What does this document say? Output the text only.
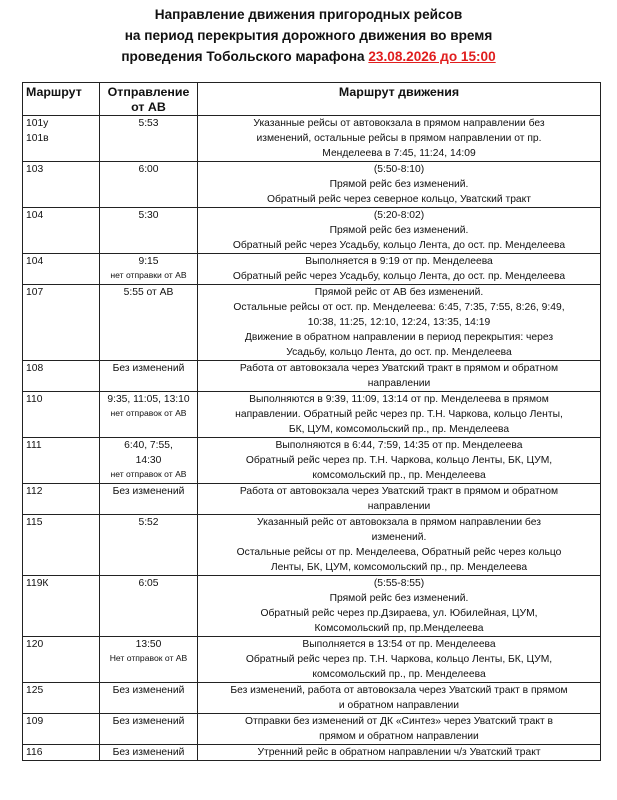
Направление движения пригородных рейсов
на период перекрытия дорожного движения во время
проведения Тобольского марафона 23.08.2026 до 15:00
Маршрут	Отправление от АВ	Маршрут движения

101у
101в	5:53	Указанные рейсы от автовокзала в прямом направлении без
изменений, остальные рейсы в прямом направлении от пр.
Менделеева в 7:45, 11:24, 14:09

103	6:00	(5:50-8:10)
Прямой рейс без изменений.
Обратный рейс через северное кольцо, Уватский тракт

104	5:30	(5:20-8:02)
Прямой рейс без изменений.
Обратный рейс через Усадьбу, кольцо Лента, до ост. пр. Менделеева

104	9:15
нет отправки от АВ	Выполняется в 9:19 от пр. Менделеева
Обратный рейс через Усадьбу, кольцо Лента, до ост. пр. Менделеева

107	5:55 от АВ	Прямой рейс от АВ без изменений.
Остальные рейсы от ост. пр. Менделеева: 6:45, 7:35, 7:55, 8:26, 9:49,
10:38, 11:25, 12:10, 12:24, 13:35, 14:19
Движение в обратном направлении в период перекрытия: через
Усадьбу, кольцо Лента, до ост. пр. Менделеева

108	Без изменений	Работа от автовокзала через Уватский тракт в прямом и обратном
направлении

110	9:35, 11:05, 13:10
нет отправок от АВ	Выполняются в 9:39, 11:09, 13:14 от пр. Менделеева в прямом
направлении. Обратный рейс через пр. Т.Н. Чаркова, кольцо Ленты,
БК, ЦУМ, комсомольский пр., пр. Менделеева

111	6:40, 7:55,
14:30
нет отправок от АВ	Выполняются в 6:44, 7:59, 14:35 от пр. Менделеева
Обратный рейс через пр. Т.Н. Чаркова, кольцо Ленты, БК, ЦУМ,
комсомольский пр., пр. Менделеева

112	Без изменений	Работа от автовокзала через Уватский тракт в прямом и обратном
направлении

115	5:52	Указанный рейс от автовокзала в прямом направлении без
изменений.
Остальные рейсы от пр. Менделеева, Обратный рейс через кольцо
Ленты, БК, ЦУМ, комсомольский пр., пр. Менделеева

119К	6:05	(5:55-8:55)
Прямой рейс без изменений.
Обратный рейс через пр.Дзираева, ул. Юбилейная, ЦУМ,
Комсомольский пр, пр.Менделеева

120	13:50
Нет отправок от АВ	Выполняется в 13:54 от пр. Менделеева
Обратный рейс через пр. Т.Н. Чаркова, кольцо Ленты, БК, ЦУМ,
комсомольский пр., пр. Менделеева

125	Без изменений	Без изменений, работа от автовокзала через Уватский тракт в прямом
и обратном направлении

109	Без изменений	Отправки без изменений от ДК «Синтез» через Уватский тракт в
прямом и обратном направлении

116	Без изменений	Утренний рейс в обратном направлении ч/з Уватский тракт
